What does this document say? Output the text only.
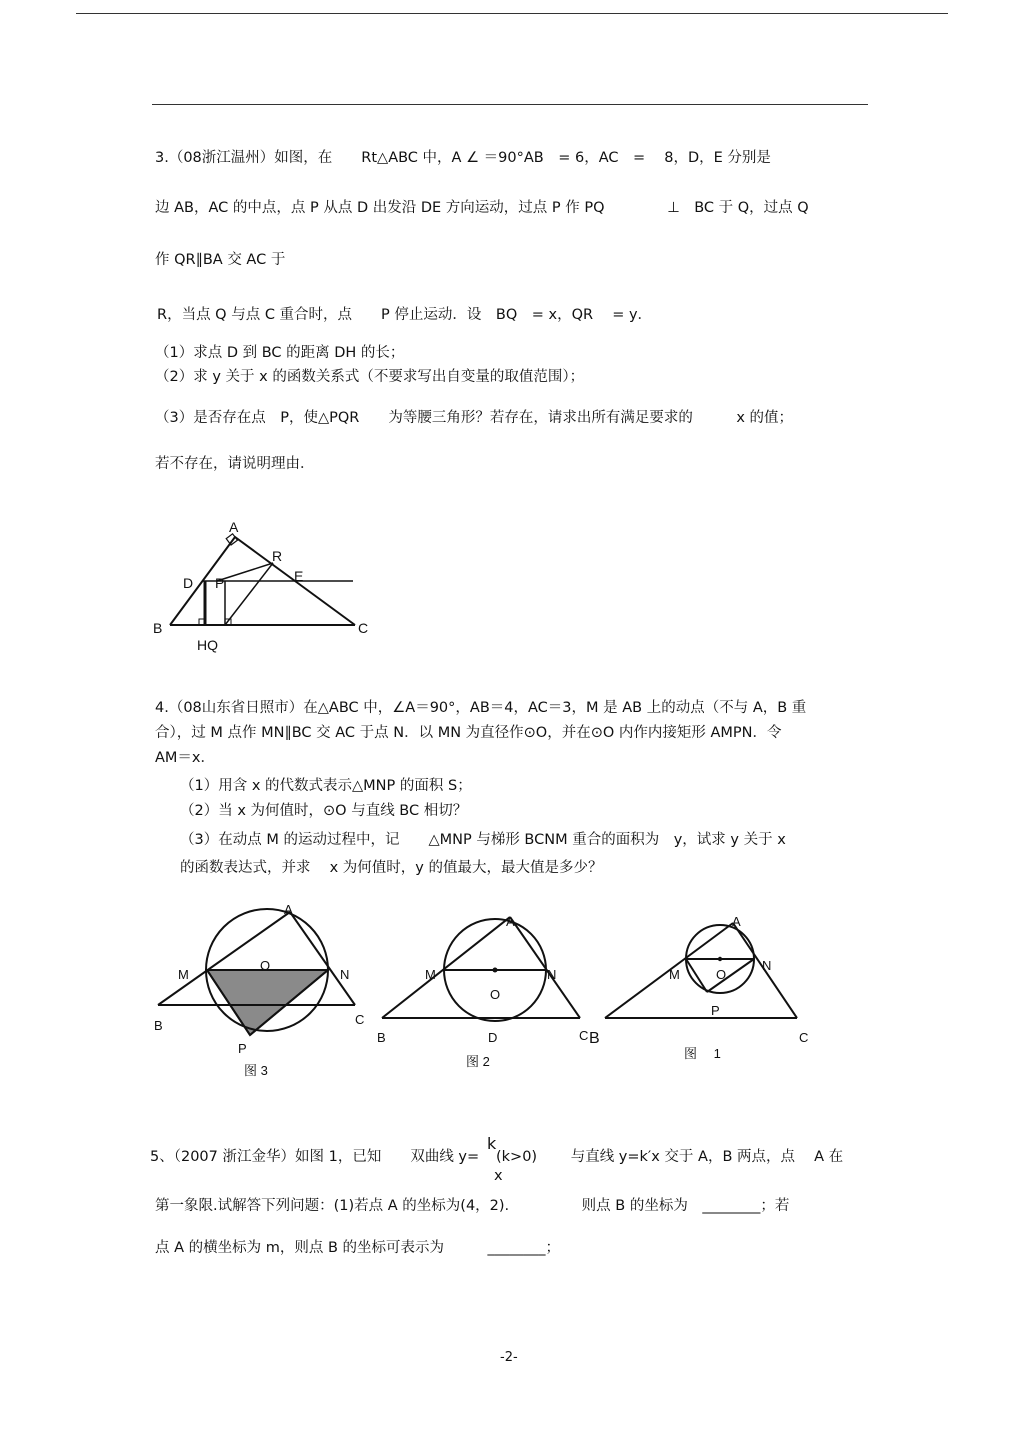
3.（08浙江温州）如图，在　　Rt△ABC 中，A ∠ ＝90°AB　= 6，AC　=　 8，D，E 分别是
边 AB，AC 的中点，点 P 从点 D 出发沿 DE 方向运动，过点 P 作 PQ　　　　 ⊥　BC 于 Q，过点 Q
作 QR∥BA 交 AC 于
R，当点 Q 与点 C 重合时，点　　P 停止运动．设　BQ　= x，QR　 = y．
（1）求点 D 到 BC 的距离 DH 的长；
（2）求 y 关于 x 的函数关系式（不要求写出自变量的取值范围）；
（3）是否存在点　P，使△PQR　　为等腰三角形？若存在，请求出所有满足要求的　　　x 的值；
若不存在，请说明理由．
A
R
D P	E
B	C
HQ
4.（08山东省日照市）在△ABC 中，∠A＝90°，AB＝4，AC＝3，M 是 AB 上的动点（不与 A，B 重
合），过 M 点作 MN∥BC 交 AC 于点 N．以 MN 为直径作⊙O，并在⊙O 内作内接矩形 AMPN．令
AM＝x．
（1）用含 x 的代数式表示△MNP 的面积 S；
（2）当 x 为何值时，⊙O 与直线 BC 相切？
（3）在动点 M 的运动过程中，记　　△MNP 与梯形 BCNM 重合的面积为　y，试求 y 关于 x
的函数表达式，并求　 x 为何值时，y 的值最大，最大值是多少？
A
M
O
N
B	C
P
图 3
A
M	N
O
B	D	C
图 2
B
A
M	O
N
P
C
图　 1
5、（2007 浙江金华）如图 1，已知　　双曲线 y=
k
x
(k>0)　　 与直线 y=k′x 交于 A，B 两点，点　 A 在
第一象限.试解答下列问题：(1)若点 A 的坐标为(4，2).　　　　　则点 B 的坐标为　________；若
点 A 的横坐标为 m，则点 B 的坐标可表示为　　　________；
-2-
